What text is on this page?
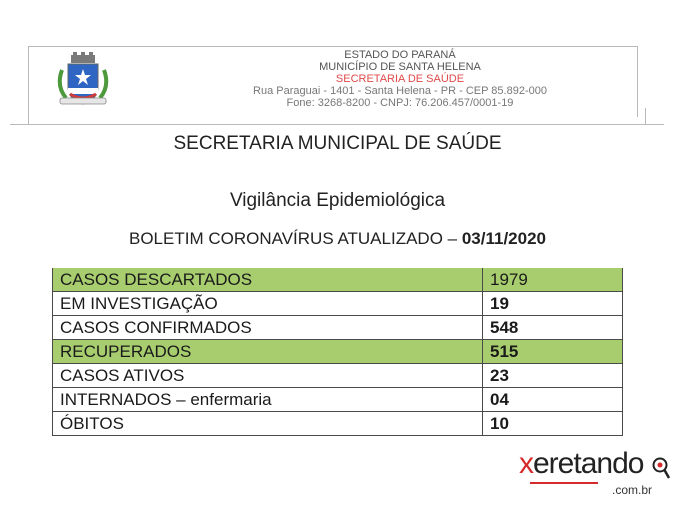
ESTADO DO PARANÁ
MUNICÍPIO DE SANTA HELENA
SECRETARIA DE SAÚDE
Rua Paraguai - 1401 - Santa Helena - PR - CEP 85.892-000
Fone: 3268-8200 - CNPJ: 76.206.457/0001-19
SECRETARIA MUNICIPAL DE SAÚDE
Vigilância Epidemiológica
BOLETIM CORONAVÍRUS ATUALIZADO – 03/11/2020
CASOS DESCARTADOS	1979
EM INVESTIGAÇÃO	19
CASOS CONFIRMADOS	548
RECUPERADOS	515
CASOS ATIVOS	23
INTERNADOS – enfermaria	04
ÓBITOS	10
xeretando
.com.br
